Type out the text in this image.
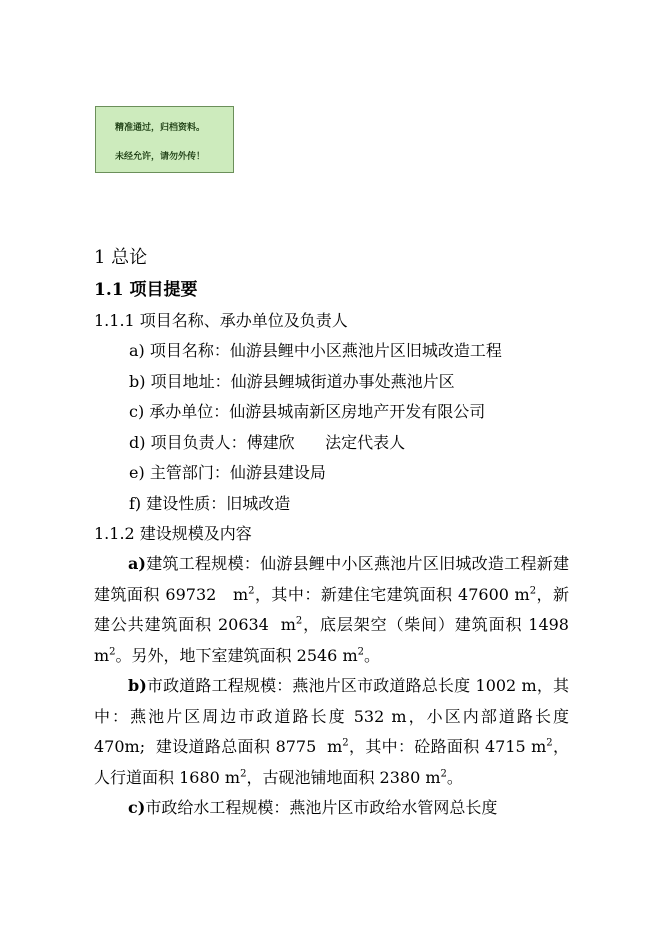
精准通过，归档资料。
未经允许，请勿外传！
1 总论
1.1 项目提要
1.1.1 项目名称、承办单位及负责人
a) 项目名称：仙游县鲤中小区燕池片区旧城改造工程
b) 项目地址：仙游县鲤城街道办事处燕池片区
c) 承办单位：仙游县城南新区房地产开发有限公司
d) 项目负责人：傅建欣      法定代表人
e) 主管部门：仙游县建设局
f) 建设性质：旧城改造
1.1.2 建设规模及内容
a)建筑工程规模：仙游县鲤中小区燕池片区旧城改造工程新建建筑面积 69732   $m^2$，其中：新建住宅建筑面积 47600 $m^2$，新建公共建筑面积 20634  $m^2$，底层架空（柴间）建筑面积 1498 $m^2$。另外，地下室建筑面积 2546 $m^2$。
b)市政道路工程规模：燕池片区市政道路总长度 1002 m，其中：燕池片区周边市政道路长度 532 m，小区内部道路长度 470m;  建设道路总面积 8775  $m^2$，其中：砼路面积 4715 $m^2$，人行道面积 1680 $m^2$，古砚池铺地面积 2380 $m^2$。
c)市政给水工程规模：燕池片区市政给水管网总长度
